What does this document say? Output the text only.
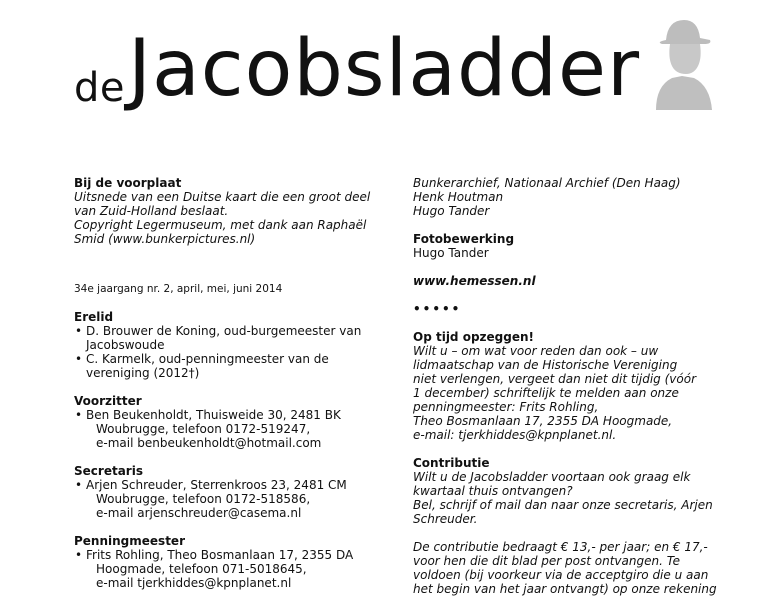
de Jacobsladder

Bij de voorplaat

Uitsnede van een Duitse kaart die een groot deel
van Zuid-Holland beslaat.
Copyright Legermuseum, met dank aan Raphaël
Smid (www.bunkerpictures.nl)

34e jaargang nr. 2, april, mei, juni 2014

Erelid

• D. Brouwer de Koning, oud-burgemeester van
Jacobswoude
• C. Karmelk, oud-penningmeester van de
vereniging (2012†)

Voorzitter

• Ben Beukenholdt, Thuisweide 30, 2481 BK
Woubrugge, telefoon 0172-519247,
e-mail benbeukenholdt@hotmail.com

Secretaris

• Arjen Schreuder, Sterrenkroos 23, 2481 CM
Woubrugge, telefoon 0172-518586,
e-mail arjenschreuder@casema.nl

Penningmeester

• Frits Rohling, Theo Bosmanlaan 17, 2355 DA
Hoogmade, telefoon 071-5018645,
e-mail tjerkhiddes@kpnplanet.nl
Bunkerarchief, Nationaal Archief (Den Haag)
Henk Houtman
Hugo Tander

Fotobewerking

Hugo Tander

www.hemessen.nl

•••••

Op tijd opzeggen!

Wilt u – om wat voor reden dan ook – uw
lidmaatschap van de Historische Vereniging
niet verlengen, vergeet dan niet dit tijdig (vóór
1 december) schriftelijk te melden aan onze
penningmeester: Frits Rohling,
Theo Bosmanlaan 17, 2355 DA Hoogmade,
e-mail: tjerkhiddes@kpnplanet.nl.

Contributie

Wilt u de Jacobsladder voortaan ook graag elk
kwartaal thuis ontvangen?
Bel, schrijf of mail dan naar onze secretaris, Arjen
Schreuder.
De contributie bedraagt € 13,- per jaar; en € 17,-
voor hen die dit blad per post ontvangen. Te
voldoen (bij voorkeur via de acceptgiro die u aan
het begin van het jaar ontvangt) op onze rekening
